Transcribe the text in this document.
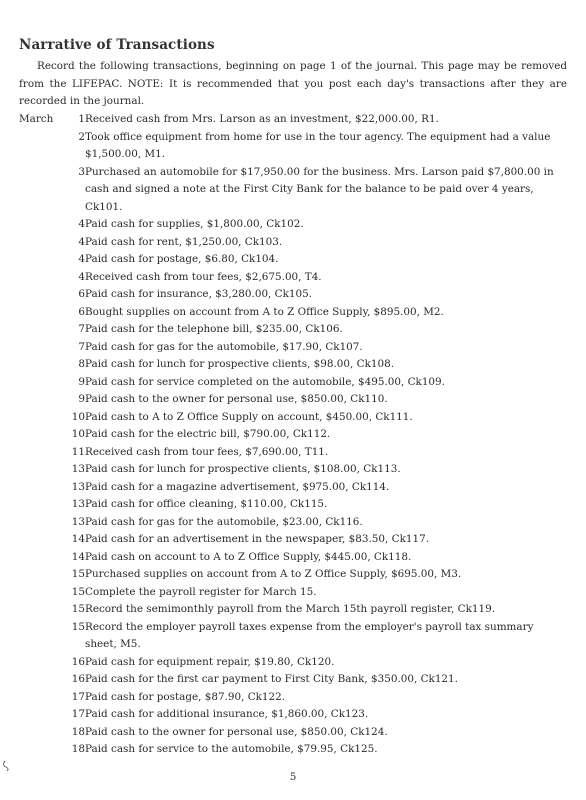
Narrative of Transactions
Record the following transactions, beginning on page 1 of the journal. This page may be removed from the LIFEPAC. NOTE: It is recommended that you post each day's transactions after they are recorded in the journal.
March	1 Received cash from Mrs. Larson as an investment, $22,000.00, R1.
2 Took office equipment from home for use in the tour agency. The equipment had a value $1,500.00, M1.
3 Purchased an automobile for $17,950.00 for the business. Mrs. Larson paid $7,800.00 in cash and signed a note at the First City Bank for the balance to be paid over 4 years, Ck101.
4 Paid cash for supplies, $1,800.00, Ck102.
4 Paid cash for rent, $1,250.00, Ck103.
4 Paid cash for postage, $6.80, Ck104.
4 Received cash from tour fees, $2,675.00, T4.
6 Paid cash for insurance, $3,280.00, Ck105.
6 Bought supplies on account from A to Z Office Supply, $895.00, M2.
7 Paid cash for the telephone bill, $235.00, Ck106.
7 Paid cash for gas for the automobile, $17.90, Ck107.
8 Paid cash for lunch for prospective clients, $98.00, Ck108.
9 Paid cash for service completed on the automobile, $495.00, Ck109.
9 Paid cash to the owner for personal use, $850.00, Ck110.
10 Paid cash to A to Z Office Supply on account, $450.00, Ck111.
10 Paid cash for the electric bill, $790.00, Ck112.
11 Received cash from tour fees, $7,690.00, T11.
13 Paid cash for lunch for prospective clients, $108.00, Ck113.
13 Paid cash for a magazine advertisement, $975.00, Ck114.
13 Paid cash for office cleaning, $110.00, Ck115.
13 Paid cash for gas for the automobile, $23.00, Ck116.
14 Paid cash for an advertisement in the newspaper, $83.50, Ck117.
14 Paid cash on account to A to Z Office Supply, $445.00, Ck118.
15 Purchased supplies on account from A to Z Office Supply, $695.00, M3.
15 Complete the payroll register for March 15.
15 Record the semimonthly payroll from the March 15th payroll register, Ck119.
15 Record the employer payroll taxes expense from the employer's payroll tax summary sheet, M5.
16 Paid cash for equipment repair, $19.80, Ck120.
16 Paid cash for the first car payment to First City Bank, $350.00, Ck121.
17 Paid cash for postage, $87.90, Ck122.
17 Paid cash for additional insurance, $1,860.00, Ck123.
18 Paid cash to the owner for personal use, $850.00, Ck124.
18 Paid cash for service to the automobile, $79.95, Ck125.
5
